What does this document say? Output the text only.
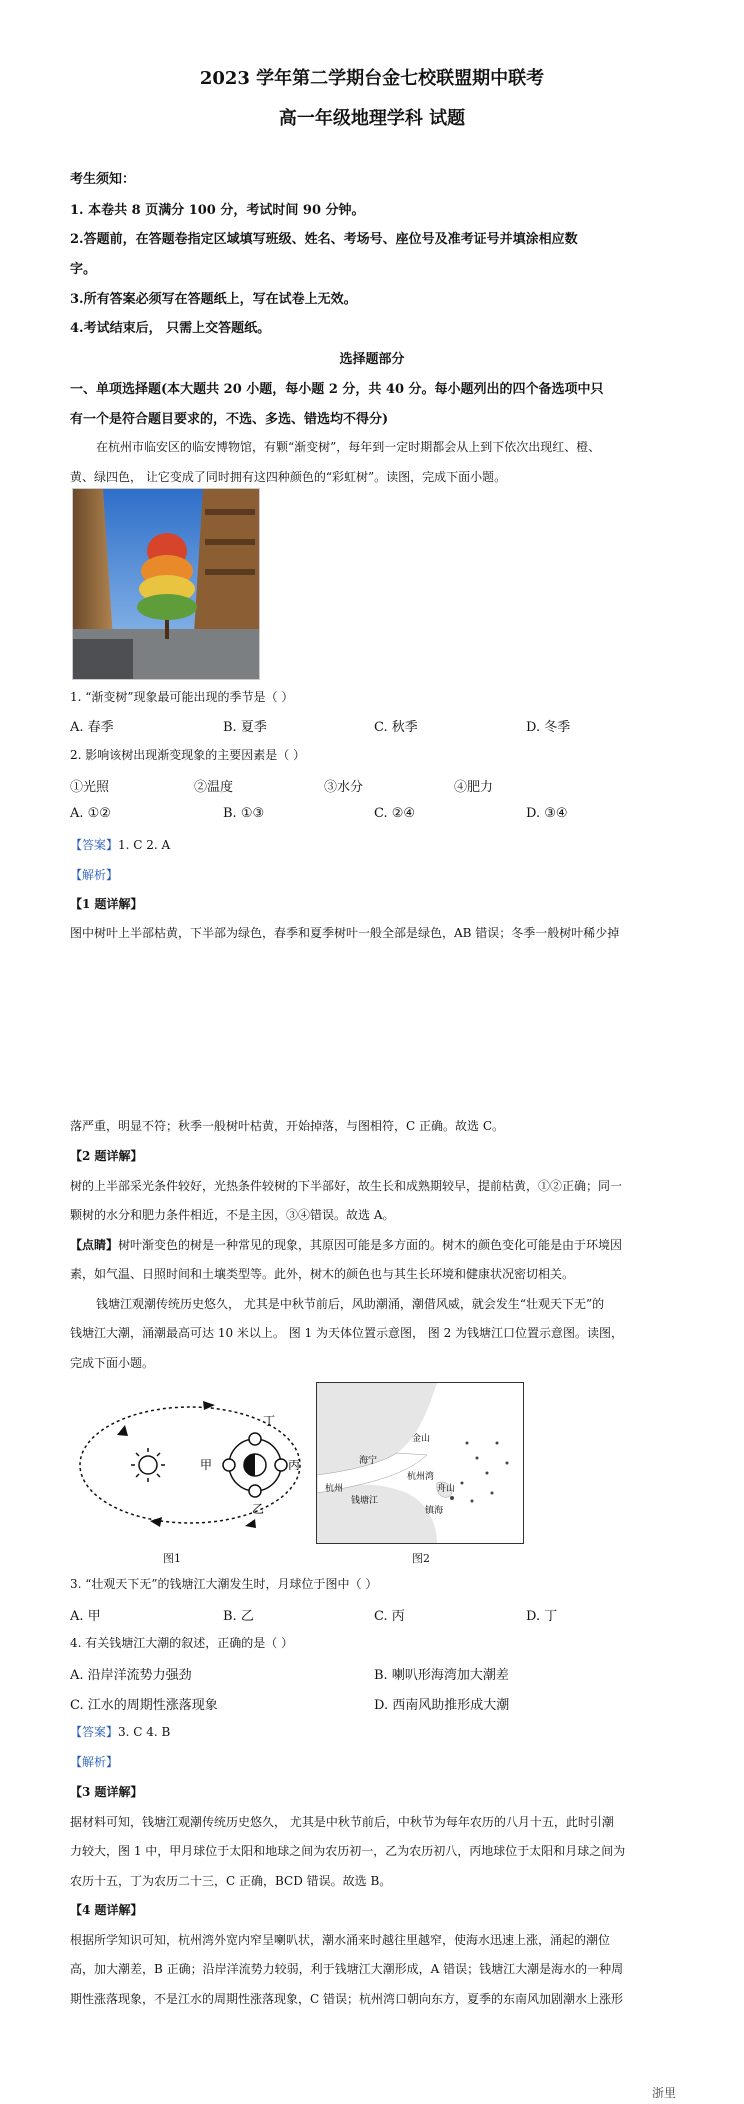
2023 学年第二学期台金七校联盟期中联考
高一年级地理学科 试题
考生须知：
1. 本卷共 8 页满分 100 分，考试时间 90 分钟。
2.答题前，在答题卷指定区域填写班级、姓名、考场号、座位号及准考证号并填涂相应数
字。
3.所有答案必须写在答题纸上，写在试卷上无效。
4.考试结束后， 只需上交答题纸。
选择题部分
一、单项选择题(本大题共 20 小题，每小题 2 分，共 40 分。每小题列出的四个备选项中只
有一个是符合题目要求的，不选、多选、错选均不得分)
在杭州市临安区的临安博物馆，有颗“渐变树”，每年到一定时期都会从上到下依次出现红、橙、
黄、绿四色， 让它变成了同时拥有这四种颜色的“彩虹树”。读图，完成下面小题。
1. “渐变树”现象最可能出现的季节是（ ）
A. 春季	B. 夏季	C. 秋季	D. 冬季
2. 影响该树出现渐变现象的主要因素是（ ）
①光照	②温度	③水分	④肥力
A. ①②	B. ①③	C. ②④	D. ③④
【答案】1. C 2. A
【解析】
【1 题详解】
图中树叶上半部枯黄，下半部为绿色，春季和夏季树叶一般全部是绿色，AB 错误；冬季一般树叶稀少掉
落严重，明显不符；秋季一般树叶枯黄，开始掉落，与图相符，C 正确。故选 C。
【2 题详解】
树的上半部采光条件较好，光热条件较树的下半部好，故生长和成熟期较早，提前枯黄，①②正确；同一
颗树的水分和肥力条件相近，不是主因，③④错误。故选 A。
【点睛】树叶渐变色的树是一种常见的现象，其原因可能是多方面的。树木的颜色变化可能是由于环境因
素，如气温、日照时间和土壤类型等。此外，树木的颜色也与其生长环境和健康状况密切相关。
钱塘江观潮传统历史悠久， 尤其是中秋节前后，风助潮涌，潮借风威，就会发生“壮观天下无”的
钱塘江大潮，涌潮最高可达 10 米以上。 图 1 为天体位置示意图， 图 2 为钱塘江口位置示意图。读图，
完成下面小题。
丁
甲	丙
乙
图1
金山
海宁
杭州
杭州湾
钱塘江
舟山
镇海
图2
3. “壮观天下无”的钱塘江大潮发生时，月球位于图中（ ）
A. 甲	B. 乙	C. 丙	D. 丁
4. 有关钱塘江大潮的叙述，正确的是（ ）
A. 沿岸洋流势力强劲	B. 喇叭形海湾加大潮差
C. 江水的周期性涨落现象	D. 西南风助推形成大潮
【答案】3. C 4. B
【解析】
【3 题详解】
据材料可知，钱塘江观潮传统历史悠久， 尤其是中秋节前后，中秋节为每年农历的八月十五，此时引潮
力较大，图 1 中，甲月球位于太阳和地球之间为农历初一，乙为农历初八，丙地球位于太阳和月球之间为
农历十五，丁为农历二十三，C 正确，BCD 错误。故选 B。
【4 题详解】
根据所学知识可知，杭州湾外宽内窄呈喇叭状，潮水涌来时越往里越窄，使海水迅速上涨，涌起的潮位
高，加大潮差，B 正确；沿岸洋流势力较弱，利于钱塘江大潮形成，A 错误；钱塘江大潮是海水的一种周
期性涨落现象，不是江水的周期性涨落现象，C 错误；杭州湾口朝向东方，夏季的东南风加剧潮水上涨形
浙里
